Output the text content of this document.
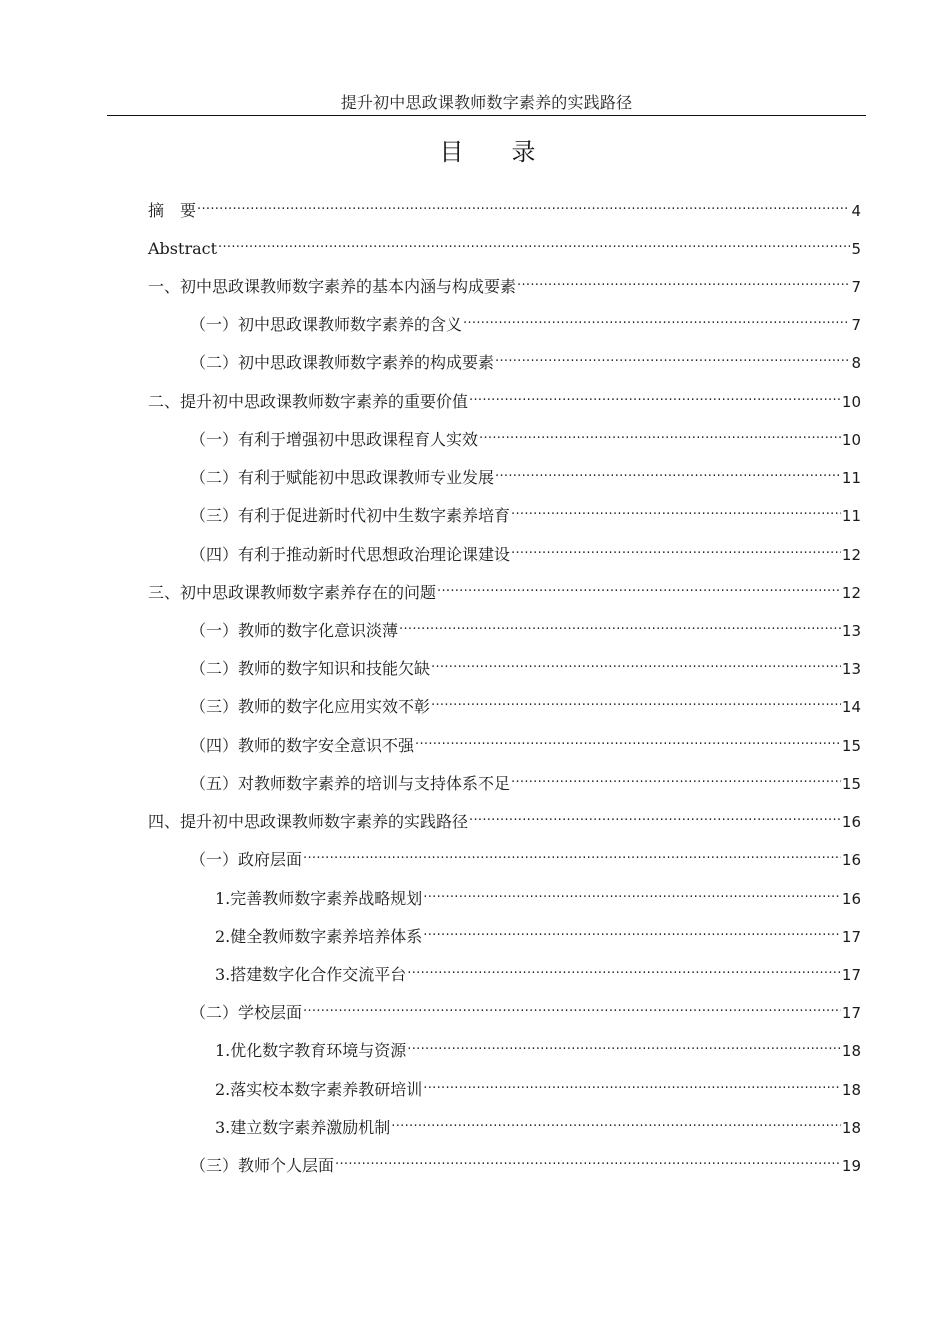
提升初中思政课教师数字素养的实践路径
目 录
摘　要 .....	4
Abstract .....	5
一、初中思政课教师数字素养的基本内涵与构成要素 .....	7
（一）初中思政课教师数字素养的含义 .....	7
（二）初中思政课教师数字素养的构成要素 .....	8
二、提升初中思政课教师数字素养的重要价值 .....	10
（一）有利于增强初中思政课程育人实效 .....	10
（二）有利于赋能初中思政课教师专业发展 .....	11
（三）有利于促进新时代初中生数字素养培育 .....	11
（四）有利于推动新时代思想政治理论课建设 .....	12
三、初中思政课教师数字素养存在的问题 .....	12
（一）教师的数字化意识淡薄 .....	13
（二）教师的数字知识和技能欠缺 .....	13
（三）教师的数字化应用实效不彰 .....	14
（四）教师的数字安全意识不强 .....	15
（五）对教师数字素养的培训与支持体系不足 .....	15
四、提升初中思政课教师数字素养的实践路径 .....	16
（一）政府层面 .....	16
1.完善教师数字素养战略规划 .....	16
2.健全教师数字素养培养体系 .....	17
3.搭建数字化合作交流平台 .....	17
（二）学校层面 .....	17
1.优化数字教育环境与资源 .....	18
2.落实校本数字素养教研培训 .....	18
3.建立数字素养激励机制 .....	18
（三）教师个人层面 .....	19
